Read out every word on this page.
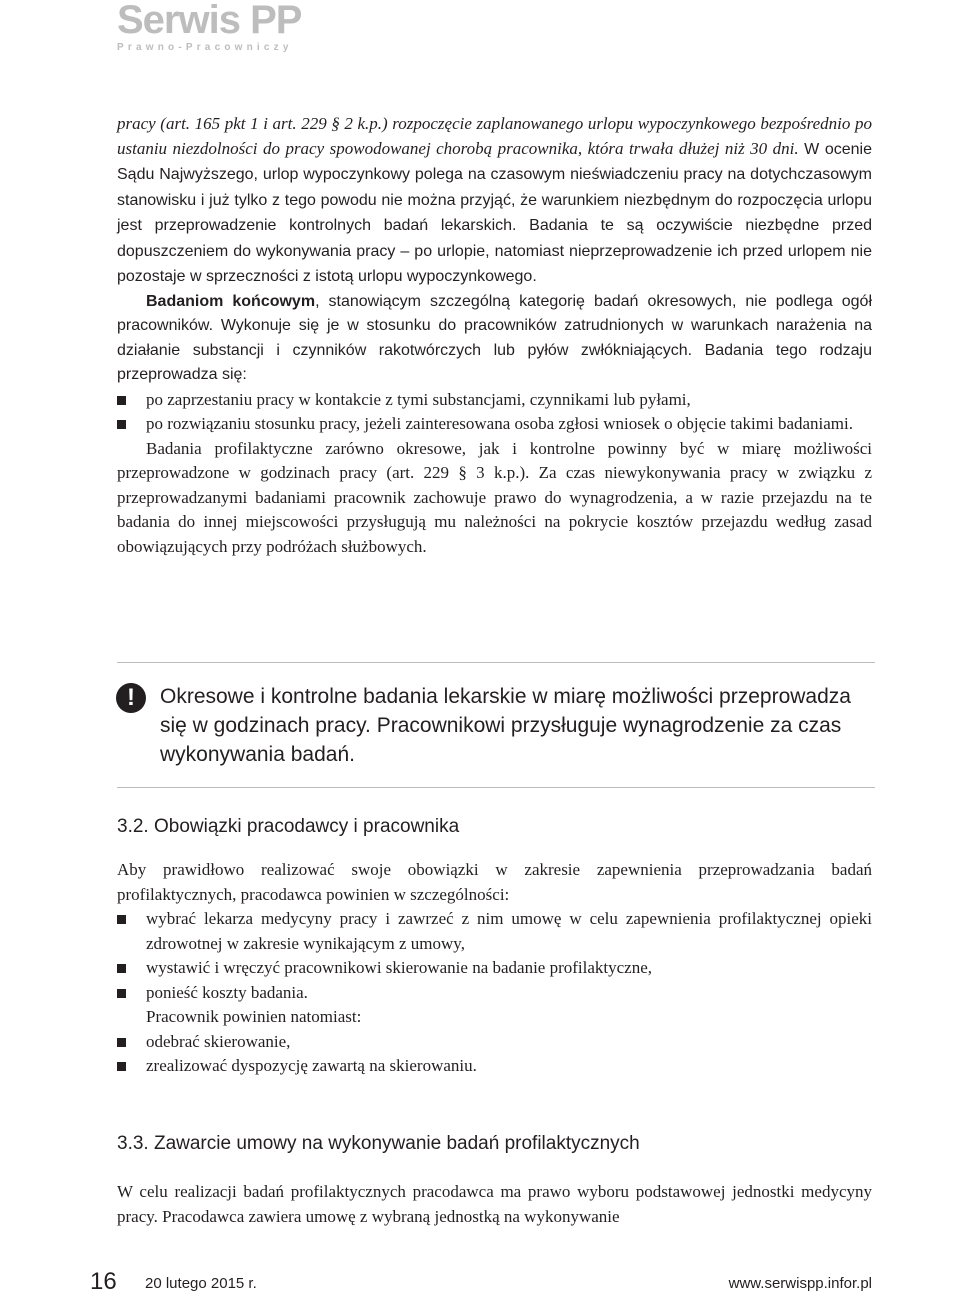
Serwis PP
Prawno-Pracowniczy

pracy (art. 165 pkt 1 i art. 229 § 2 k.p.) rozpoczęcie zaplanowanego urlopu wypoczynkowego bezpośrednio po ustaniu niezdolności do pracy spowodowanej chorobą pracownika, która trwała dłużej niż 30 dni. W ocenie Sądu Najwyższego, urlop wypoczynkowy polega na czasowym nieświadczeniu pracy na dotychczasowym stanowisku i już tylko z tego powodu nie można przyjąć, że warunkiem niezbędnym do rozpoczęcia urlopu jest przeprowadzenie kontrolnych badań lekarskich. Badania te są oczywiście niezbędne przed dopuszczeniem do wykonywania pracy – po urlopie, natomiast nieprzeprowadzenie ich przed urlopem nie pozostaje w sprzeczności z istotą urlopu wypoczynkowego.

Badaniom końcowym, stanowiącym szczególną kategorię badań okresowych, nie podlega ogół pracowników. Wykonuje się je w stosunku do pracowników zatrudnionych w warunkach narażenia na działanie substancji i czynników rakotwórczych lub pyłów zwłókniających. Badania tego rodzaju przeprowadza się:

po zaprzestaniu pracy w kontakcie z tymi substancjami, czynnikami lub pyłami,
po rozwiązaniu stosunku pracy, jeżeli zainteresowana osoba zgłosi wniosek o objęcie takimi badaniami.

Badania profilaktyczne zarówno okresowe, jak i kontrolne powinny być w miarę możliwości przeprowadzone w godzinach pracy (art. 229 § 3 k.p.). Za czas niewykonywania pracy w związku z przeprowadzanymi badaniami pracownik zachowuje prawo do wynagrodzenia, a w razie przejazdu na te badania do innej miejscowości przysługują mu należności na pokrycie kosztów przejazdu według zasad obowiązujących przy podróżach służbowych.

!	Okresowe i kontrolne badania lekarskie w miarę możliwości przeprowadza się w godzinach pracy. Pracownikowi przysługuje wynagrodzenie za czas wykonywania badań.
3.2. Obowiązki pracodawcy i pracownika

Aby prawidłowo realizować swoje obowiązki w zakresie zapewnienia przeprowadzania badań profilaktycznych, pracodawca powinien w szczególności:

wybrać lekarza medycyny pracy i zawrzeć z nim umowę w celu zapewnienia profilaktycznej opieki zdrowotnej w zakresie wynikającym z umowy,
wystawić i wręczyć pracownikowi skierowanie na badanie profilaktyczne,
ponieść koszty badania.

Pracownik powinien natomiast:

odebrać skierowanie,
zrealizować dyspozycję zawartą na skierowaniu.
3.3. Zawarcie umowy na wykonywanie badań profilaktycznych

W celu realizacji badań profilaktycznych pracodawca ma prawo wyboru podstawowej jednostki medycyny pracy. Pracodawca zawiera umowę z wybraną jednostką na wykonywanie

16 20 lutego 2015 r.	www.serwispp.infor.pl
